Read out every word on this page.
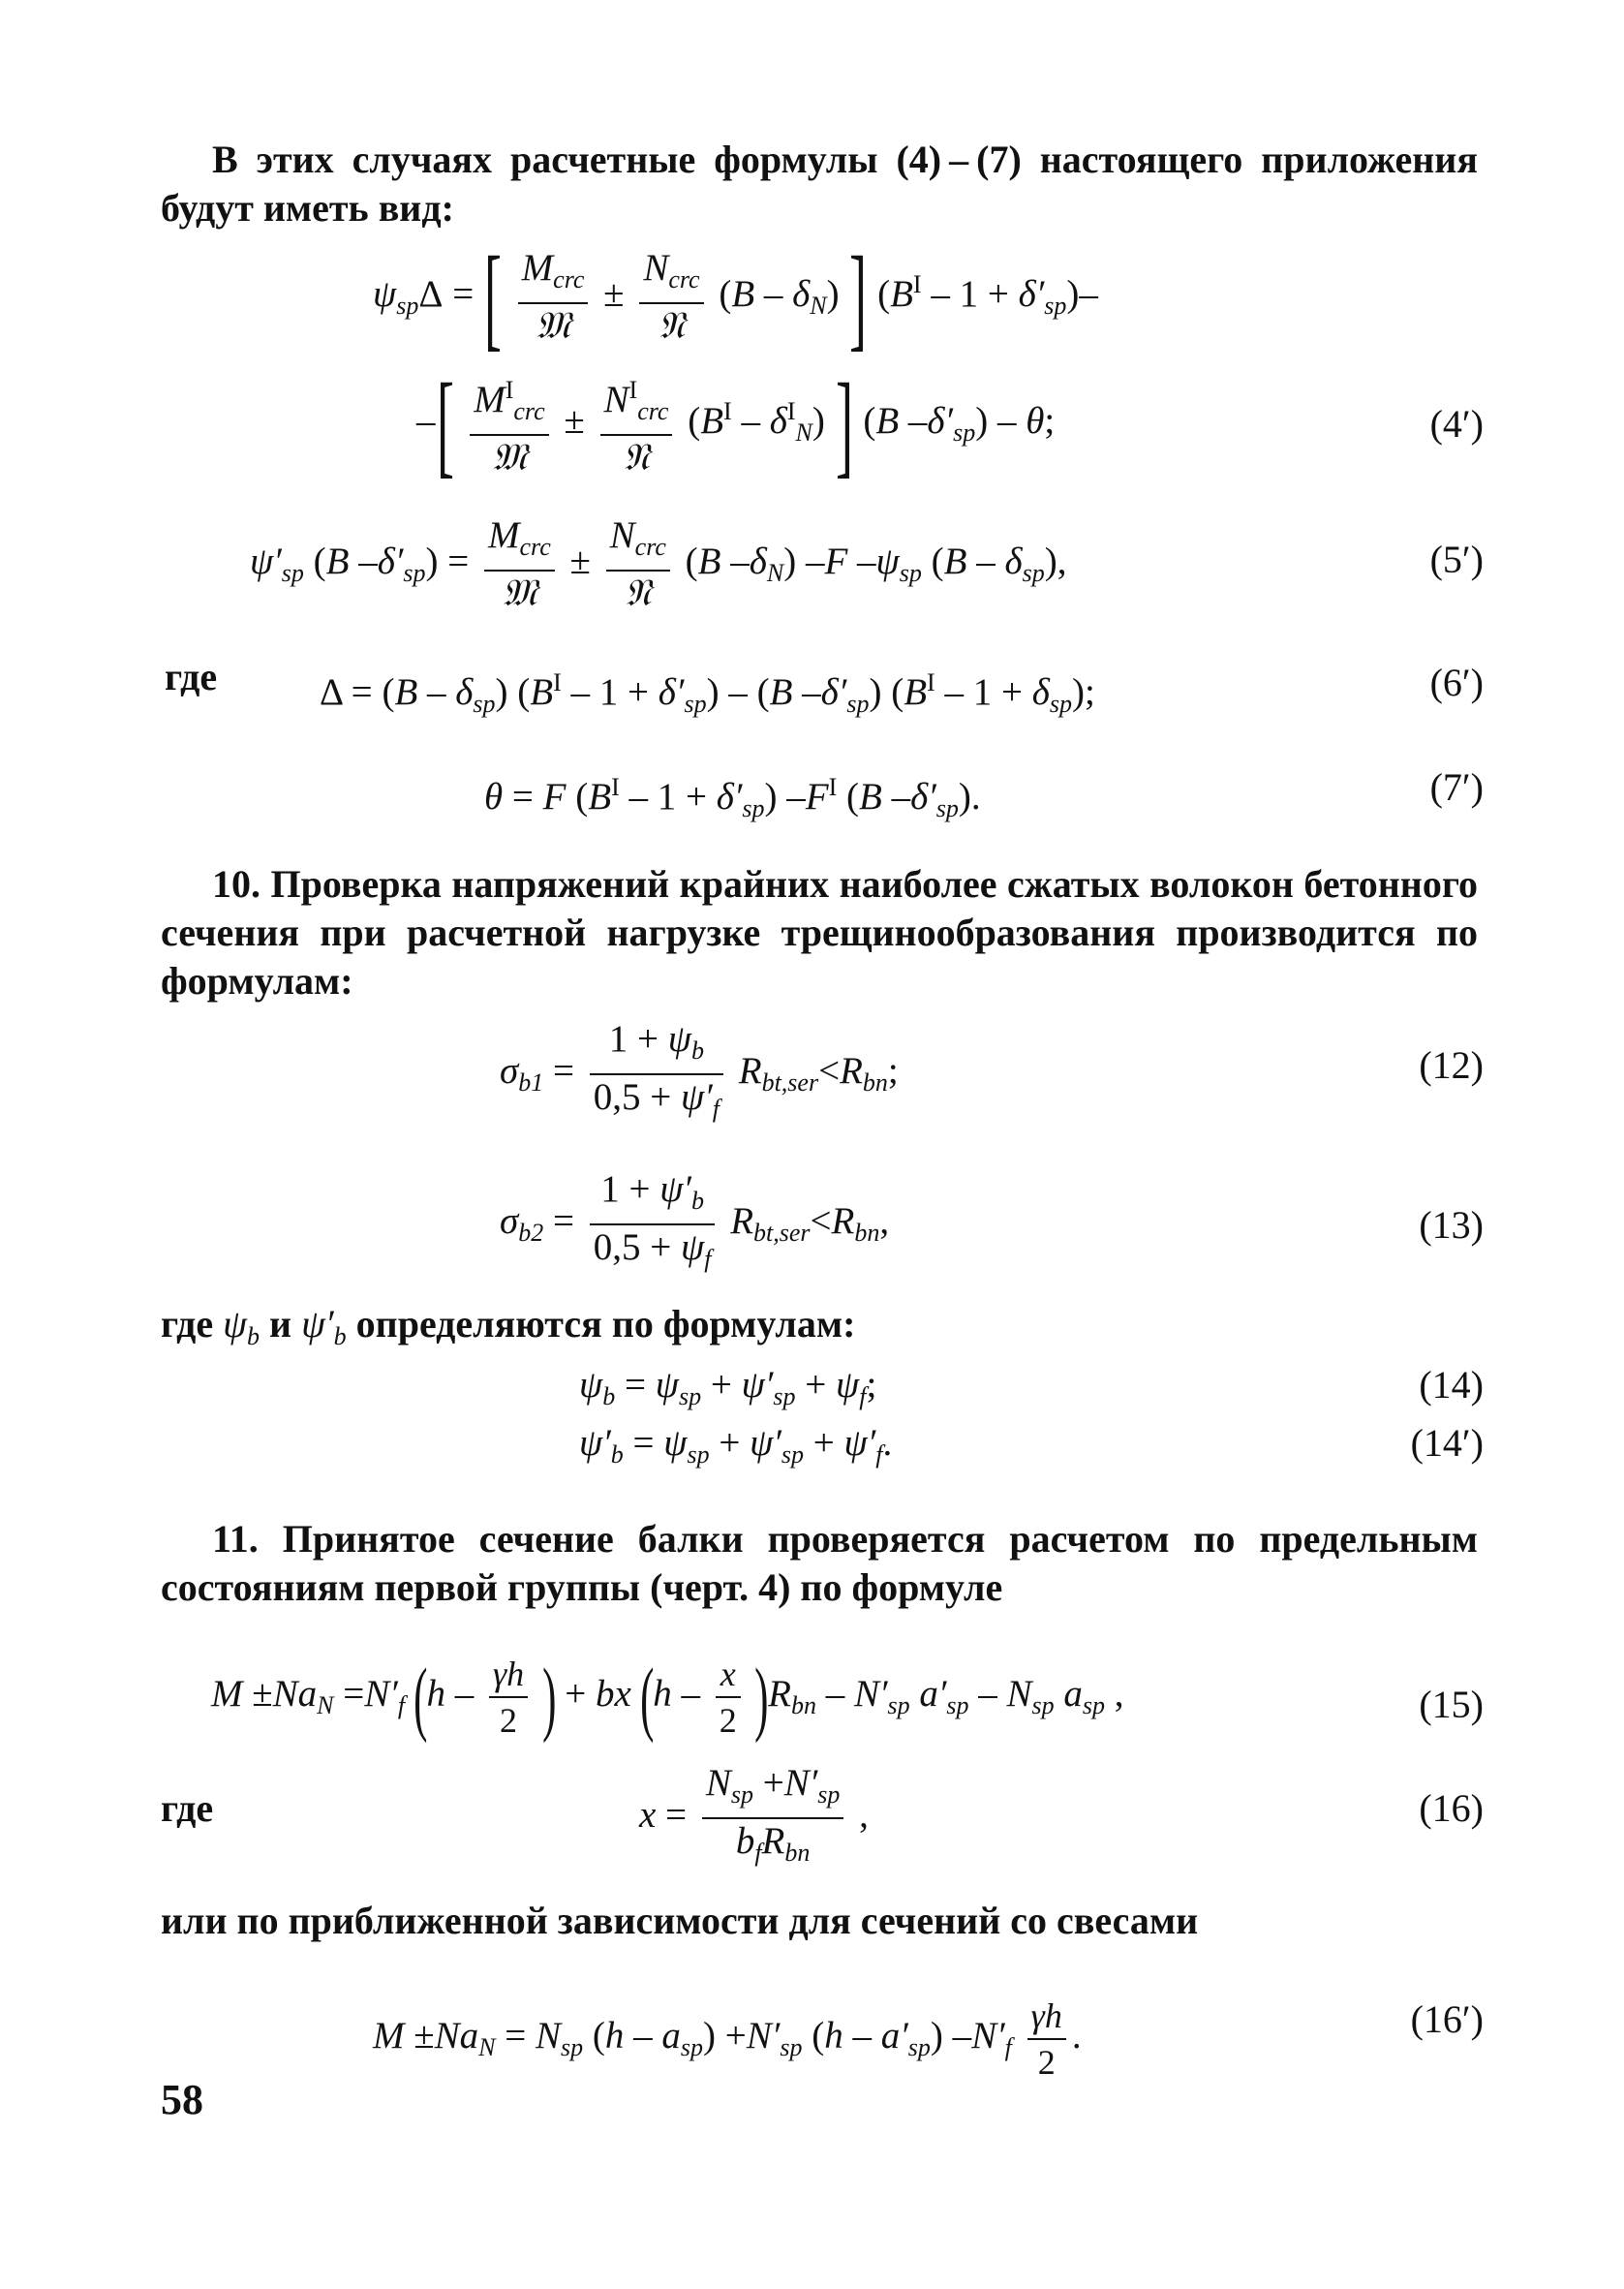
В этих случаях расчетные формулы (4) – (7) настоящего приложения будут иметь вид:
$\psi_{sp}\Delta$ = [ $\frac{M_{crc}}{\text{𝔐}} \pm \frac{N_{crc}}{\text{𝔑}} (B - \delta_N)$ ] $(B^I - 1 + \delta'_{sp})-$
–[ $\frac{M^I_{crc}}{\text{𝔐}} \pm \frac{N^I_{crc}}{\text{𝔑}} (B^I - \delta^I_N)$ ] (B $-\delta'_{sp}$) – θ;	(4′)
$\psi'_{sp}$ (B $-\delta'_{sp}) = \frac{M_{crc}}{\text{𝔐}} \pm \frac{N_{crc}}{\text{𝔑}} (B$ $-\delta_N$) –F $-\psi_{sp}$ $(B - \delta_{sp})$,	(5′)
где	$\Delta = (B - \delta_{sp})$ $(B^I - 1 + \delta'_{sp}) - (B$ $-\delta'_{sp}$) $(B^I - 1 + \delta_{sp})$;	(6′)
θ = F $(B^I - 1 + \delta'_{sp})$ $-F^I$ (B $-\delta'_{sp}$).	(7′)
10. Проверка напряжений крайних наиболее сжатых волокон бетонного сечения при расчетной нагрузке трещинообразования производится по формулам:
$\sigma_{b1} = \frac{1 + \psi_b}{0,5 + \psi'_f} R_{bt,ser}<R_{bn}$;	(12)
$\sigma_{b2} = \frac{1 + \psi'_b}{0,5 + \psi_f} R_{bt,ser}<R_{bn}$,	(13)
где $\psi_b$ и $\psi'_b$ определяются по формулам:
$\psi_b = \psi_{sp} + \psi'_{sp} + \psi_f$;	(14)
$\psi'_b = \psi_{sp} + \psi'_{sp} + \psi'_f$.	(14′)
11. Принятое сечение балки проверяется расчетом по предельным состояниям первой группы (черт. 4) по формуле
$M \pm Na_N =N'_f$ ($h - \frac{\gamma h}{2}$ ) + bx $(h - \frac{x}{2} )R_{bn} - N'_{sp}$ $a'_{sp} - N_{sp}$ $a_{sp}$ ,	(15)
где	$x = \frac{N_{sp} +N'_{sp}}{b_fR_{bn}}$ ,	(16)
или по приближенной зависимости для сечений со свесами
$M \pm Na_N = N_{sp}$ $(h - a_{sp}) +N'_{sp}$ $(h - a'_{sp})$ $-N'_f \frac{\gamma h}{2}$ .	(16′)
58
